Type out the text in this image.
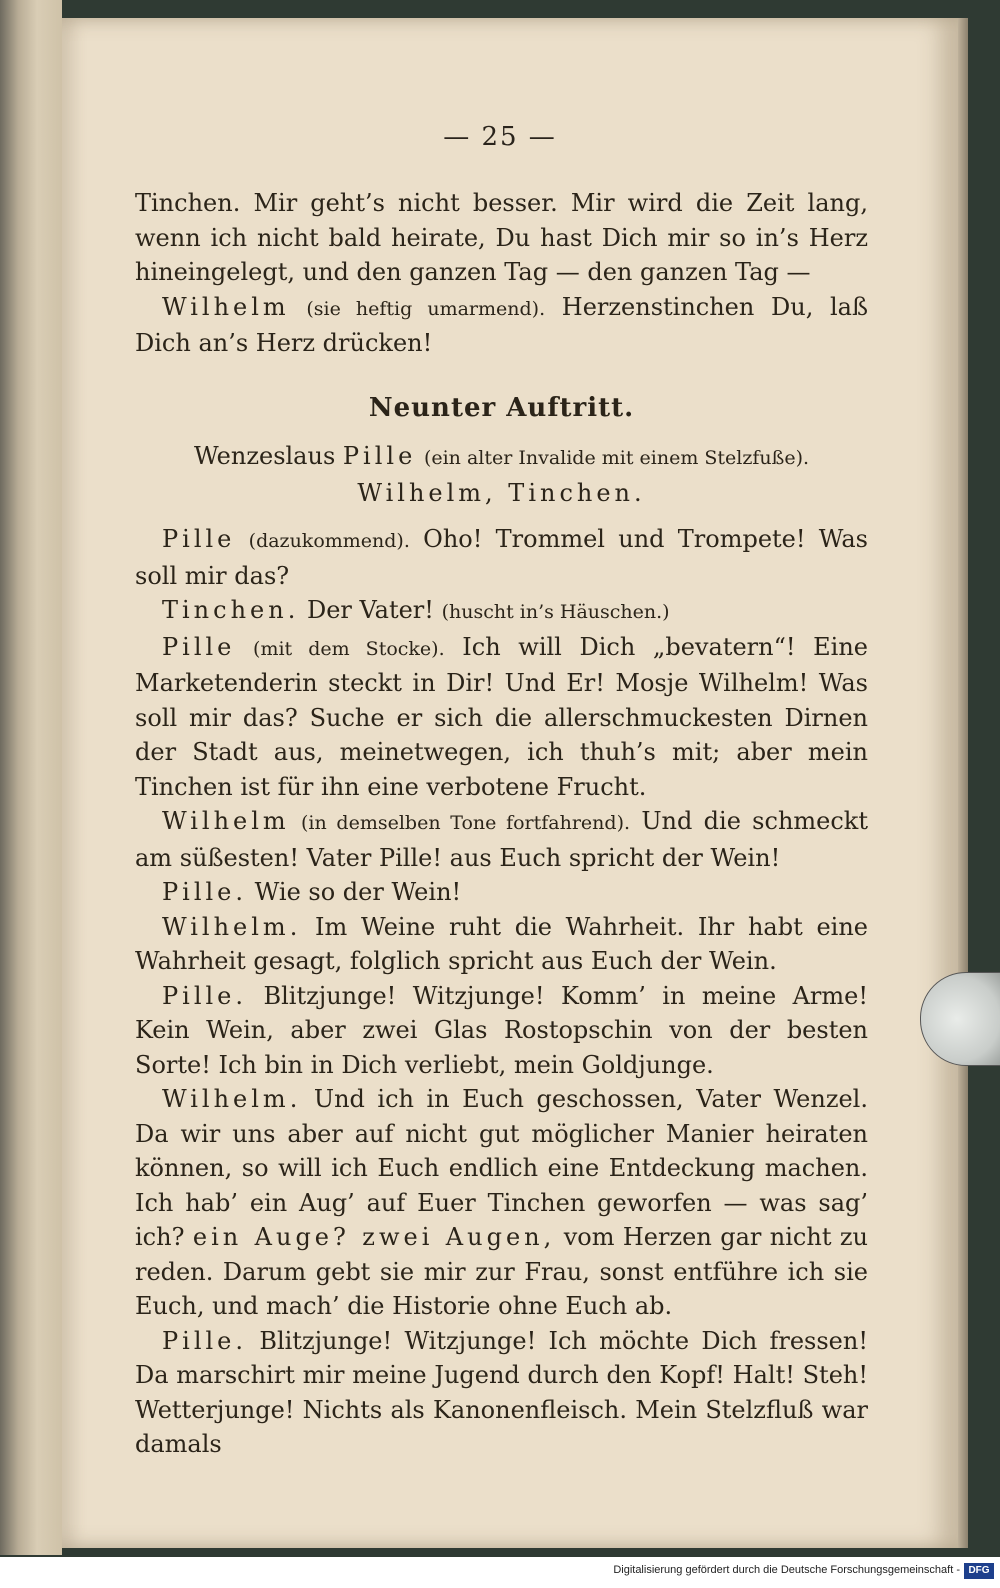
— 25 —

Tinchen. Mir geht’s nicht besser. Mir wird die Zeit lang, wenn ich nicht bald heirate, Du hast Dich mir so in’s Herz hineingelegt, und den ganzen Tag — den ganzen Tag —

Wilhelm (sie heftig umarmend). Herzenstinchen Du, laß Dich an’s Herz drücken!

Neunter Auftritt.

Wenzeslaus Pille (ein alter Invalide mit einem Stelzfuße). Wilhelm, Tinchen.

Pille (dazukommend). Oho! Trommel und Trompete! Was soll mir das?

Tinchen. Der Vater! (huscht in’s Häuschen.)

Pille (mit dem Stocke). Ich will Dich „bevatern“! Eine Marketenderin steckt in Dir! Und Er! Mosje Wilhelm! Was soll mir das? Suche er sich die allerschmuckesten Dirnen der Stadt aus, meinetwegen, ich thuh’s mit; aber mein Tinchen ist für ihn eine verbotene Frucht.

Wilhelm (in demselben Tone fortfahrend). Und die schmeckt am süßesten! Vater Pille! aus Euch spricht der Wein!

Pille. Wie so der Wein!

Wilhelm. Im Weine ruht die Wahrheit. Ihr habt eine Wahrheit gesagt, folglich spricht aus Euch der Wein.

Pille. Blitzjunge! Witzjunge! Komm’ in meine Arme! Kein Wein, aber zwei Glas Rostopschin von der besten Sorte! Ich bin in Dich verliebt, mein Goldjunge.

Wilhelm. Und ich in Euch geschossen, Vater Wenzel. Da wir uns aber auf nicht gut möglicher Manier heiraten können, so will ich Euch endlich eine Entdeckung machen. Ich hab’ ein Aug’ auf Euer Tinchen geworfen — was sag’ ich? ein Auge? zwei Augen, vom Herzen gar nicht zu reden. Darum gebt sie mir zur Frau, sonst entführe ich sie Euch, und mach’ die Historie ohne Euch ab.

Pille. Blitzjunge! Witzjunge! Ich möchte Dich fressen! Da marschirt mir meine Jugend durch den Kopf! Halt! Steh! Wetterjunge! Nichts als Kanonenfleisch. Mein Stelzfluß war damals

Digitalisierung gefördert durch die Deutsche Forschungsgemeinschaft - DFG
